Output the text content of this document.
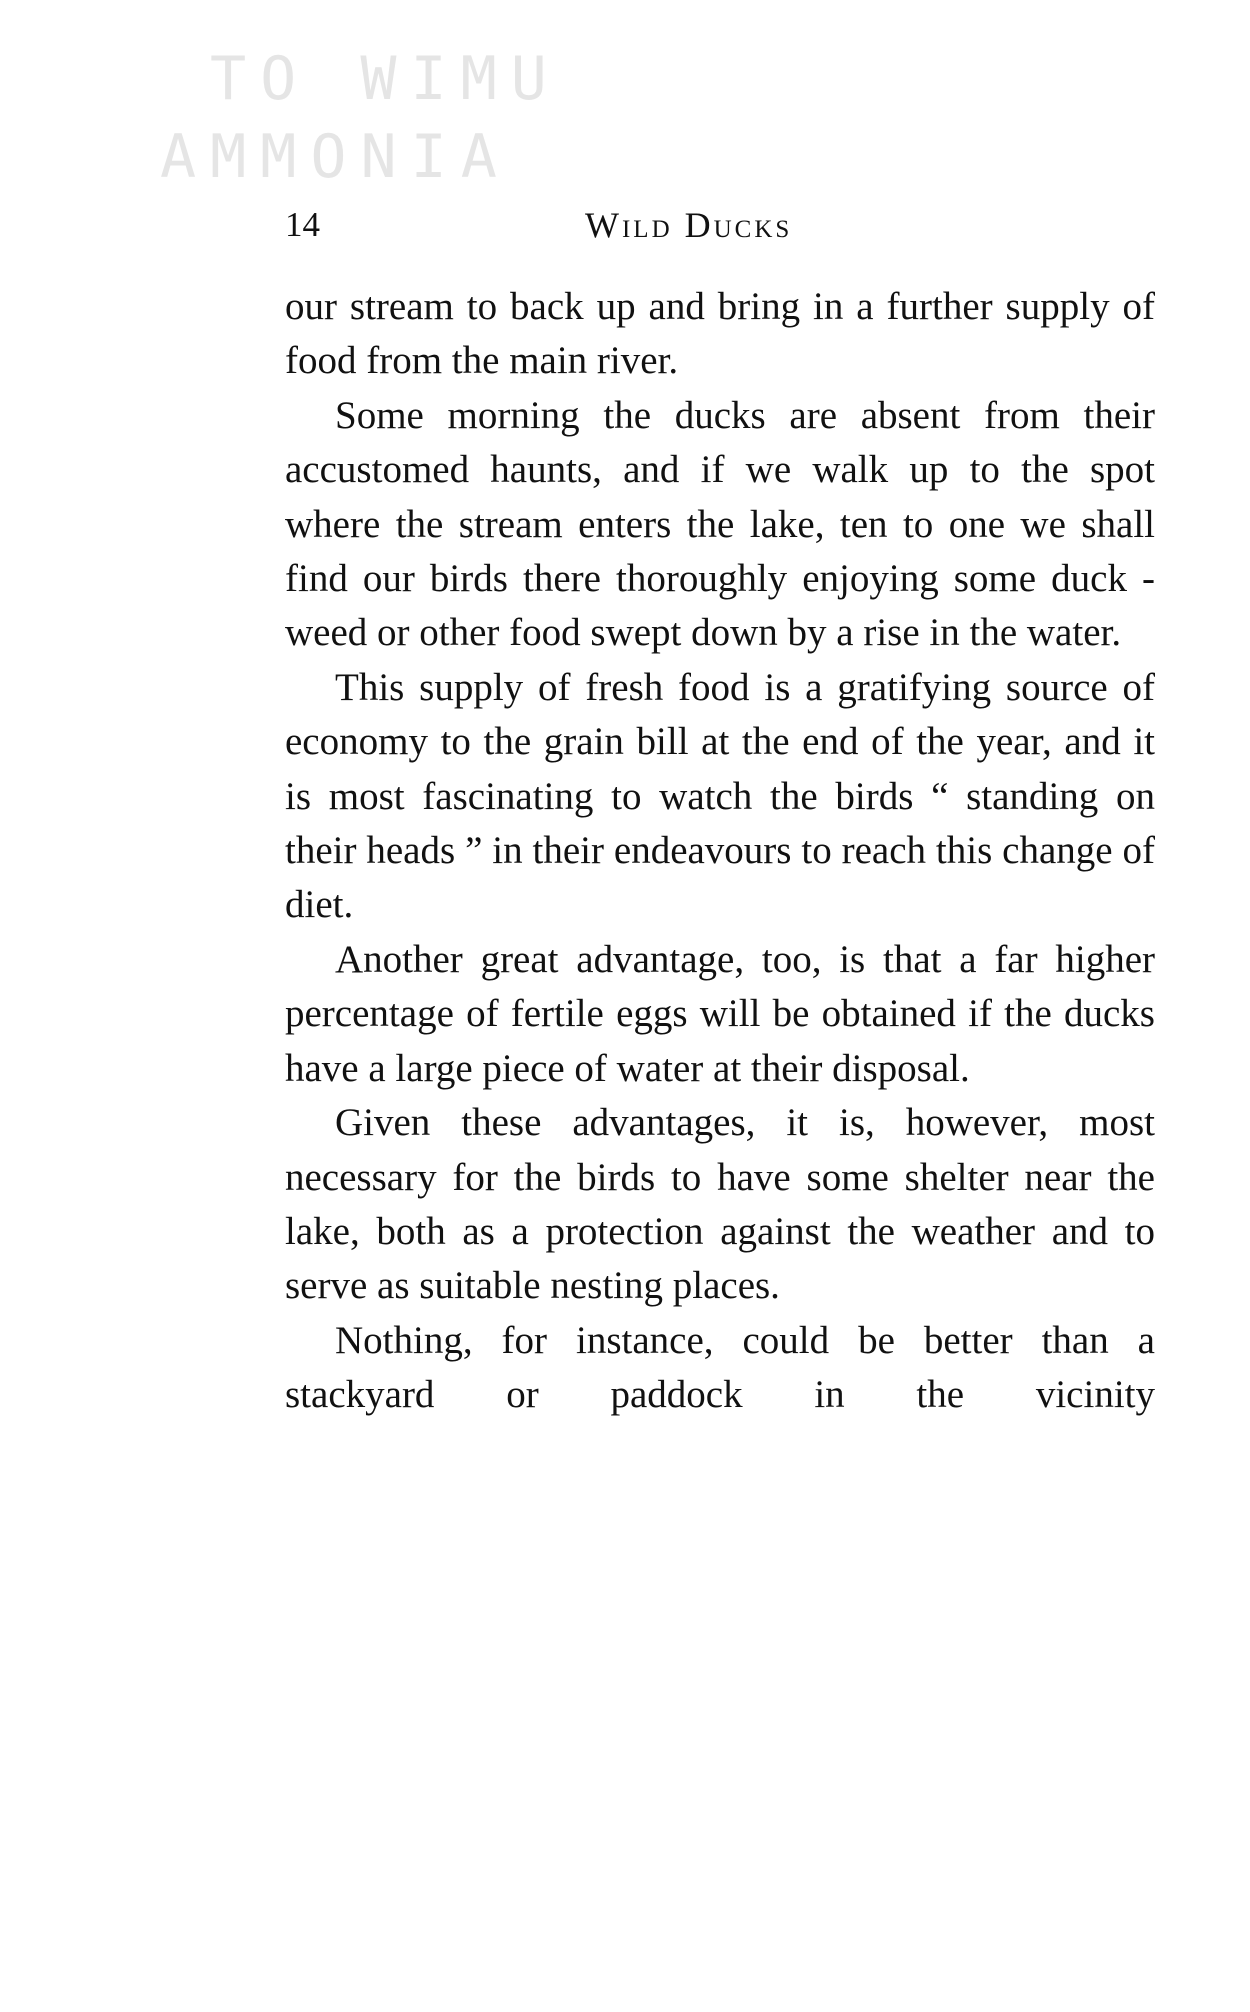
TO WIMU
AMMONIA
14	Wild Ducks

our stream to back up and bring in a further supply of food from the main river.

Some morning the ducks are absent from their accustomed haunts, and if we walk up to the spot where the stream enters the lake, ten to one we shall find our birds there thoroughly enjoying some duck - weed or other food swept down by a rise in the water.

This supply of fresh food is a gratifying source of economy to the grain bill at the end of the year, and it is most fascinating to watch the birds “ standing on their heads ” in their endeavours to reach this change of diet.

Another great advantage, too, is that a far higher percentage of fertile eggs will be obtained if the ducks have a large piece of water at their disposal.

Given these advantages, it is, however, most necessary for the birds to have some shelter near the lake, both as a protection against the weather and to serve as suitable nesting places.

Nothing, for instance, could be better than a stackyard or paddock in the vicinity
